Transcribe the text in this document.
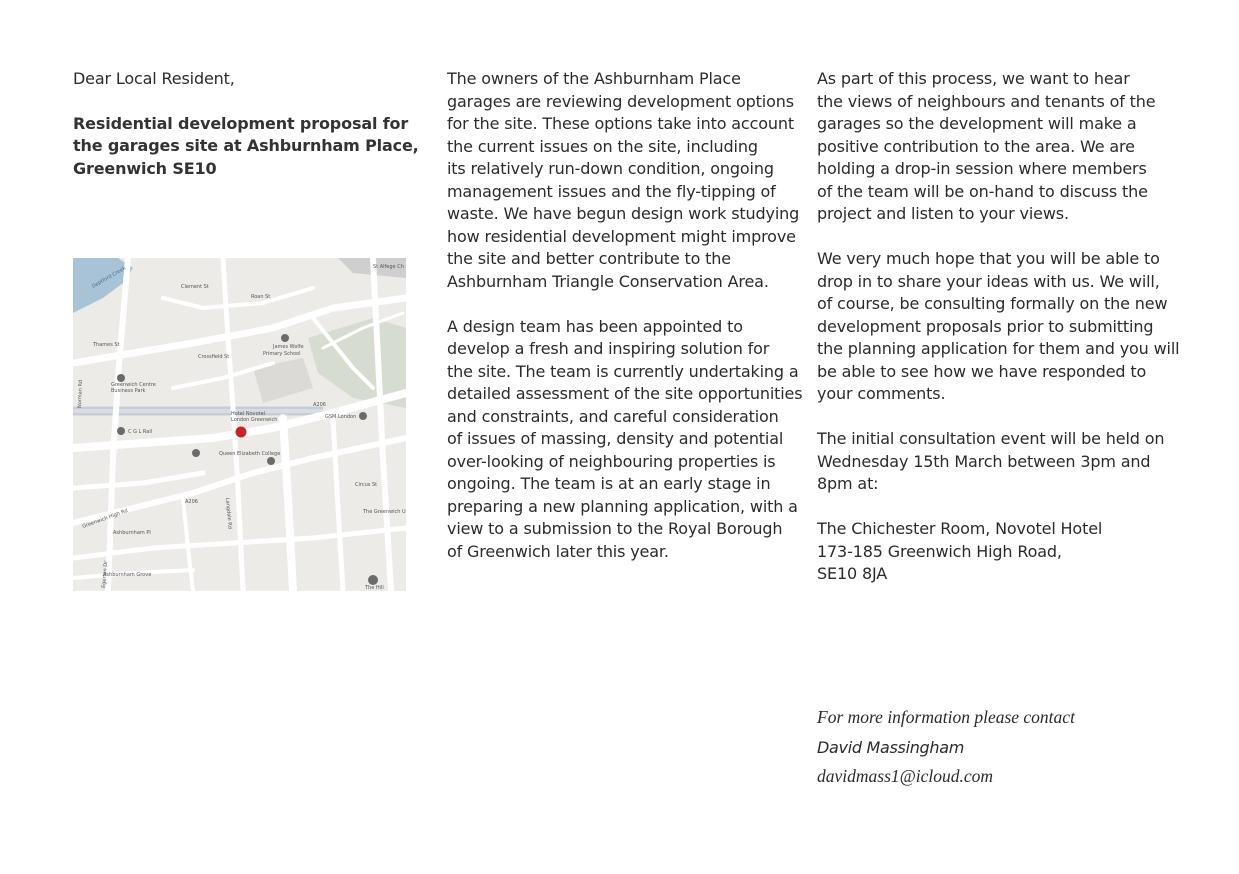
Dear Local Resident,

Residential development proposal for

the garages site at Ashburnham Place,

Greenwich SE10

St Alfege Ch
James Wolfe
Primary School
Greenwich Centre
Business Park
Hotel Novotel
London Greenwich
C G L Rail
GSM London
Queen Elizabeth College
The Greenwich U
The Hill
Ashburnham Pl
Ashburnham Grove
Circus St
A206
A206
Clement St
Roan St
Crossfield St
Thames St
Deptford Creek
Greenwich High Rd
Norman Rd
Egerton Dr
Langdale Rd

The owners of the Ashburnham Place

garages are reviewing development options

for the site. These options take into account

the current issues on the site, including

its relatively run-down condition, ongoing

management issues and the fly-tipping of

waste. We have begun design work studying

how residential development might improve

the site and better contribute to the

Ashburnham Triangle Conservation Area.

A design team has been appointed to

develop a fresh and inspiring solution for

the site. The team is currently undertaking a

detailed assessment of the site opportunities

and constraints, and careful consideration

of issues of massing, density and potential

over-looking of neighbouring properties is

ongoing. The team is at an early stage in

preparing a new planning application, with a

view to a submission to the Royal Borough

of Greenwich later this year.

As part of this process, we want to hear

the views of neighbours and tenants of the

garages so the development will make a

positive contribution to the area. We are

holding a drop-in session where members

of the team will be on-hand to discuss the

project and listen to your views.

We very much hope that you will be able to

drop in to share your ideas with us. We will,

of course, be consulting formally on the new

development proposals prior to submitting

the planning application for them and you will

be able to see how we have responded to

your comments.

The initial consultation event will be held on

Wednesday 15th March between 3pm and

8pm at:

The Chichester Room, Novotel Hotel

173-185 Greenwich High Road,

SE10 8JA

For more information please contact

David Massingham

davidmass1@icloud.com
